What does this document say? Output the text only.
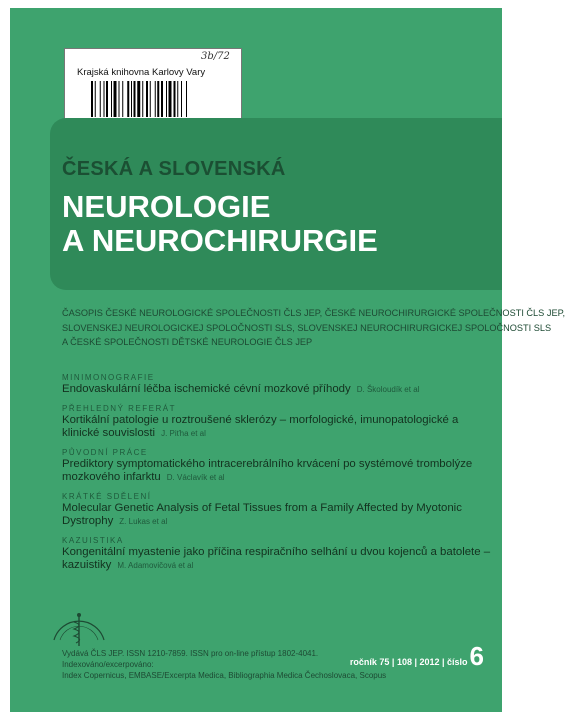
3b/72
Krajská knihovna Karlovy Vary
ČESKÁ A SLOVENSKÁ
NEUROLOGIE
A NEUROCHIRURGIE
ČASOPIS ČESKÉ NEUROLOGICKÉ SPOLEČNOSTI ČLS JEP, ČESKÉ NEUROCHIRURGICKÉ SPOLEČNOSTI ČLS JEP,
SLOVENSKEJ NEUROLOGICKEJ SPOLOČNOSTI SLS, SLOVENSKEJ NEUROCHIRURGICKEJ SPOLOČNOSTI SLS
A ČESKÉ SPOLEČNOSTI DĚTSKÉ NEUROLOGIE ČLS JEP
MINIMONOGRAFIE
Endovaskulární léčba ischemické cévní mozkové příhody D. Školoudík et al
PŘEHLEDNÝ REFERÁT
Kortikální patologie u roztroušené sklerózy – morfologické, imunopatologické a klinické souvislosti J. Piťha et al
PŮVODNÍ PRÁCE
Prediktory symptomatického intracerebrálního krvácení po systémové trombolýze mozkového infarktu D. Václavík et al
KRÁTKÉ SDĚLENÍ
Molecular Genetic Analysis of Fetal Tissues from a Family Affected by Myotonic Dystrophy Z. Lukas et al
KAZUISTIKA
Kongenitální myastenie jako příčina respiračního selhání u dvou kojenců a batolete – kazuistiky M. Adamovičová et al
Vydává ČLS JEP. ISSN 1210-7859. ISSN pro on-line přístup 1802-4041.
Indexováno/excerpováno:
Index Copernicus, EMBASE/Excerpta Medica, Bibliographia Medica Čechoslovaca, Scopus
ročník 75 | 108 | 2012 | číslo6
